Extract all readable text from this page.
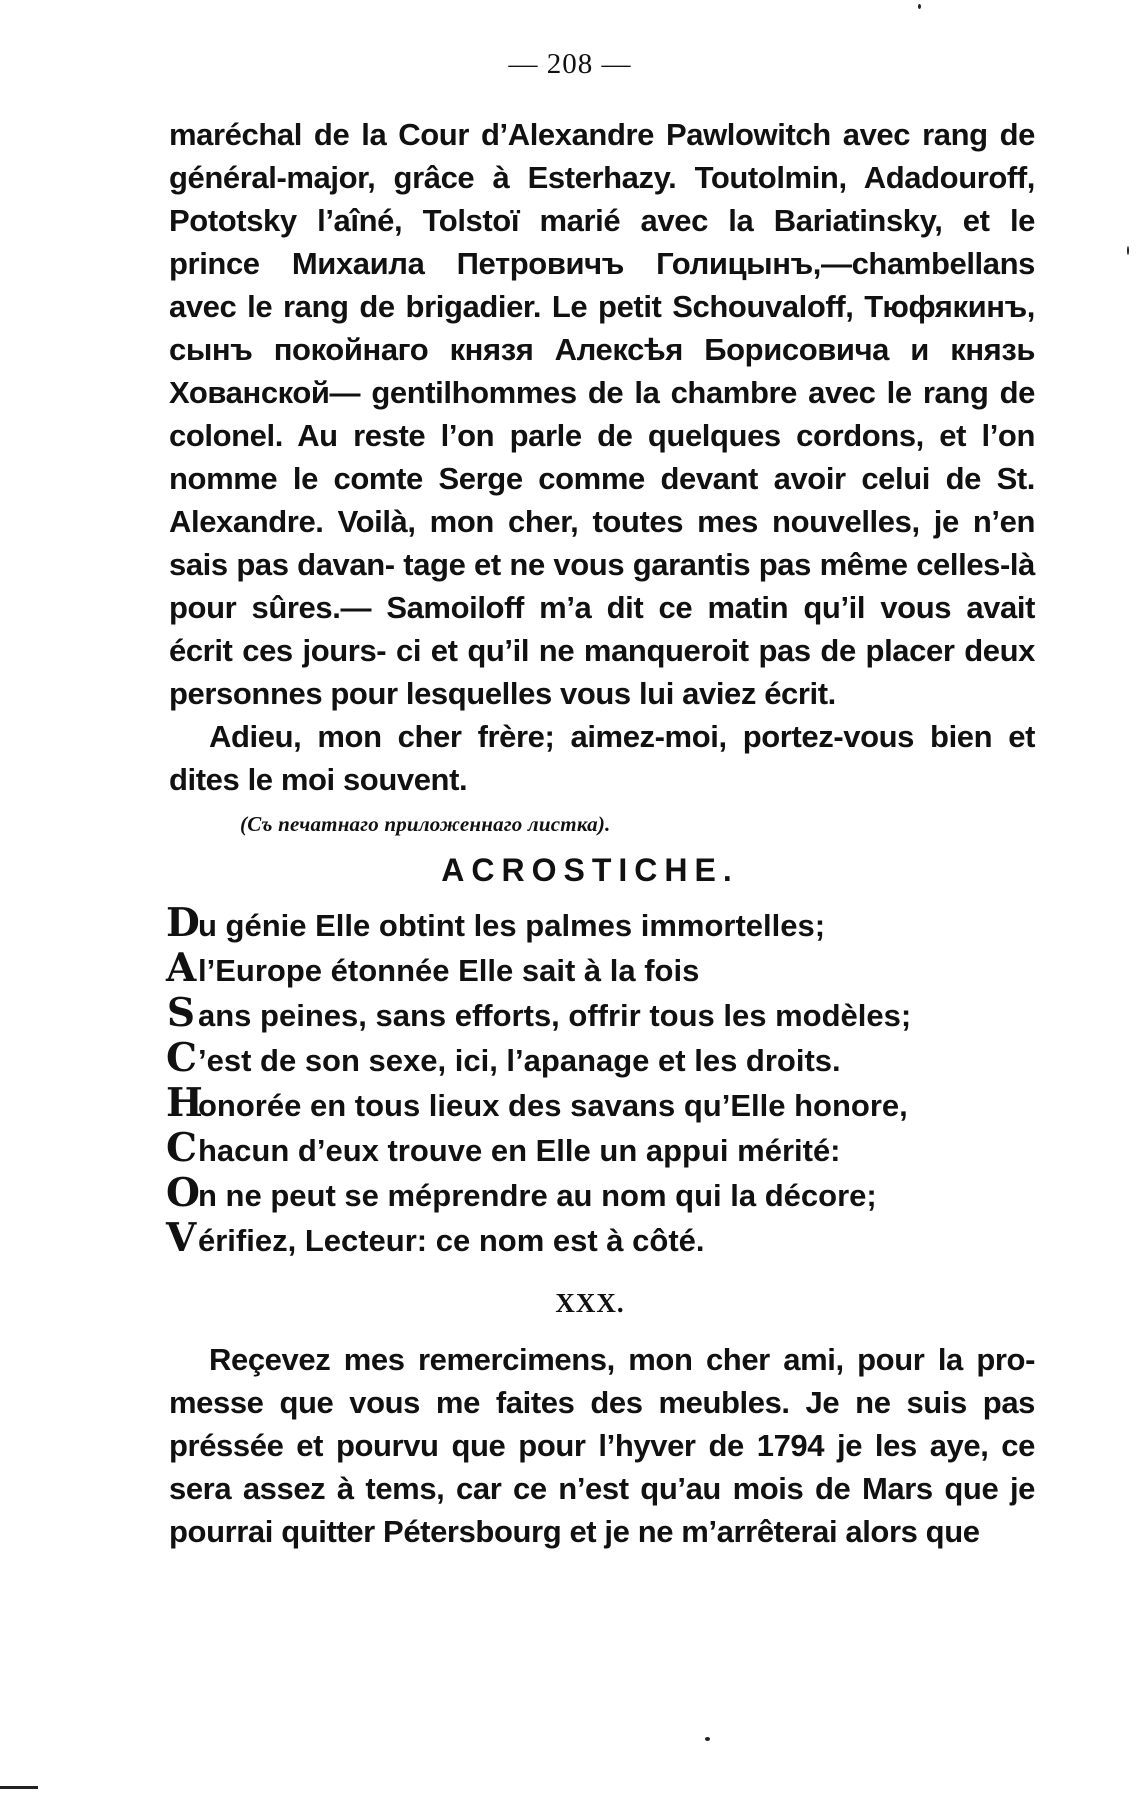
— 208 —

maréchal de la Cour d’Alexandre Pawlowitch avec rang de général-major, grâce à Esterhazy. Toutolmin, Adadouroff, Pototsky l’aîné, Tolstoï marié avec la Bariatinsky, et le prince Михаила Петровичъ Голицынъ,—chambellans avec le rang de brigadier. Le petit Schouvaloff, Тюфякинъ, сынъ покойнаго князя Алексѣя Борисовича и князь Хованской— gentilhommes de la chambre avec le rang de colonel. Au reste l’on parle de quelques cordons, et l’on nomme le comte Serge comme devant avoir celui de St. Alexandre. Voilà, mon cher, toutes mes nouvelles, je n’en sais pas davan- tage et ne vous garantis pas même celles-là pour sûres.— Samoiloff m’a dit ce matin qu’il vous avait écrit ces jours- ci et qu’il ne manqueroit pas de placer deux personnes pour lesquelles vous lui aviez écrit.

Adieu, mon cher frère; aimez-moi, portez-vous bien et dites le moi souvent.

(Съ печатнаго приложеннаго листка).
ACROSTICHE.
D
u génie Elle obtint les palmes immortelles;
A l’Europe étonnée Elle sait à la fois
S ans peines, sans efforts, offrir tous les modèles;
C ’est de son sexe, ici, l’apanage et les droits.
H
onorée en tous lieux des savans qu’Elle honore,
C hacun d’eux trouve en Elle un appui mérité:
O
n ne peut se méprendre au nom qui la décore;
V érifiez, Lecteur: ce nom est à côté.
XXX.

Reçevez mes remercimens, mon cher ami, pour la pro- messe que vous me faites des meubles. Je ne suis pas préssée et pourvu que pour l’hyver de 1794 je les aye, ce sera assez à tems, car ce n’est qu’au mois de Mars que je pourrai quitter Pétersbourg et je ne m’arrêterai alors que
